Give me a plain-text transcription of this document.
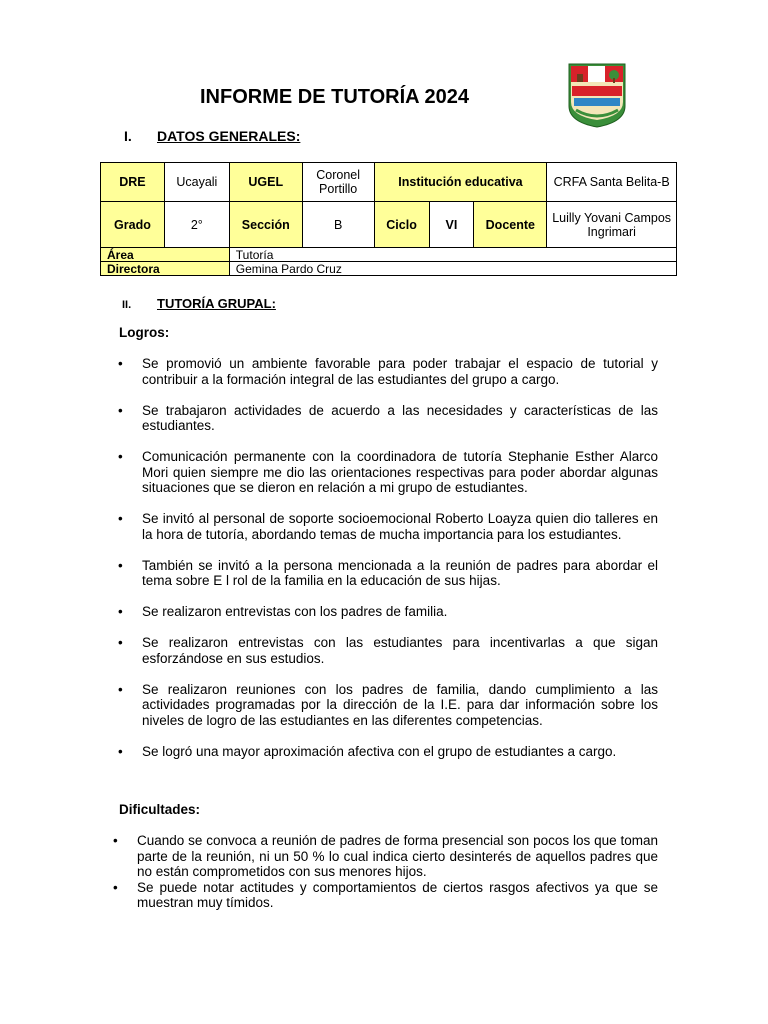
INFORME DE TUTORÍA 2024
I. DATOS GENERALES:
DRE	Ucayali	UGEL	Coronel Portillo	Institución educativa			CRFA Santa Belita-B
Grado	2°	Sección	B	Ciclo	VI	Docente	Luilly Yovani Campos Ingrimari
Área		Tutoría					
Directora		Gemina Pardo Cruz					
II. TUTORÍA GRUPAL:
Logros:
• Se promovió un ambiente favorable para poder trabajar el espacio de tutorial y contribuir a la formación integral de las estudiantes del grupo a cargo.
• Se trabajaron actividades de acuerdo a las necesidades y características de las estudiantes.
• Comunicación permanente con la coordinadora de tutoría Stephanie Esther Alarco Mori quien siempre me dio las orientaciones respectivas para poder abordar algunas situaciones que se dieron en relación a mi grupo de estudiantes.
• Se invitó al personal de soporte socioemocional Roberto Loayza quien dio talleres en la hora de tutoría, abordando temas de mucha importancia para los estudiantes.
• También se invitó a la persona mencionada a la reunión de padres para abordar el tema sobre E l rol de la familia en la educación de sus hijas.
• Se realizaron entrevistas con los padres de familia.
• Se realizaron entrevistas con las estudiantes para incentivarlas a que sigan esforzándose en sus estudios.
• Se realizaron reuniones con los padres de familia, dando cumplimiento a las actividades programadas por la dirección de la I.E. para dar información sobre los niveles de logro de las estudiantes en las diferentes competencias.
• Se logró una mayor aproximación afectiva con el grupo de estudiantes a cargo.
Dificultades:
• Cuando se convoca a reunión de padres de forma presencial son pocos los que toman parte de la reunión, ni un 50 % lo cual indica cierto desinterés de aquellos padres que no están comprometidos con sus menores hijos.
• Se puede notar actitudes y comportamientos de ciertos rasgos afectivos ya que se muestran muy tímidos.
